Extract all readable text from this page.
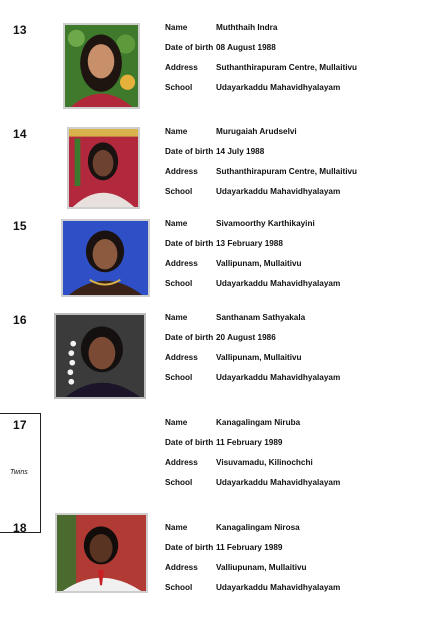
13	Name	Muththaih Indra
Date of birth 08 August 1988
Address Suthanthirapuram Centre, Mullaitivu
School	Udayarkaddu Mahavidhyalayam
14	Name	Murugaiah Arudselvi
Date of birth 14 July 1988
Address Suthanthirapuram Centre, Mullaitivu
School	Udayarkaddu Mahavidhyalayam
15	Name	Sivamoorthy Karthikayini
Date of birth 13 February 1988
Address Vallipunam, Mullaitivu
School	Udayarkaddu Mahavidhyalayam
16	Name	Santhanam Sathyakala
Date of birth 20 August 1986
Address Vallipunam, Mullaitivu
School	Udayarkaddu Mahavidhyalayam
Twins
17	Name	Kanagalingam Niruba
Date of birth 11 February 1989
Address Visuvamadu, Kilinochchi
School	Udayarkaddu Mahavidhyalayam
18	Name	Kanagalingam Nirosa
Date of birth 11 February 1989
Address Valliupunam, Mullaitivu
School	Udayarkaddu Mahavidhyalayam
